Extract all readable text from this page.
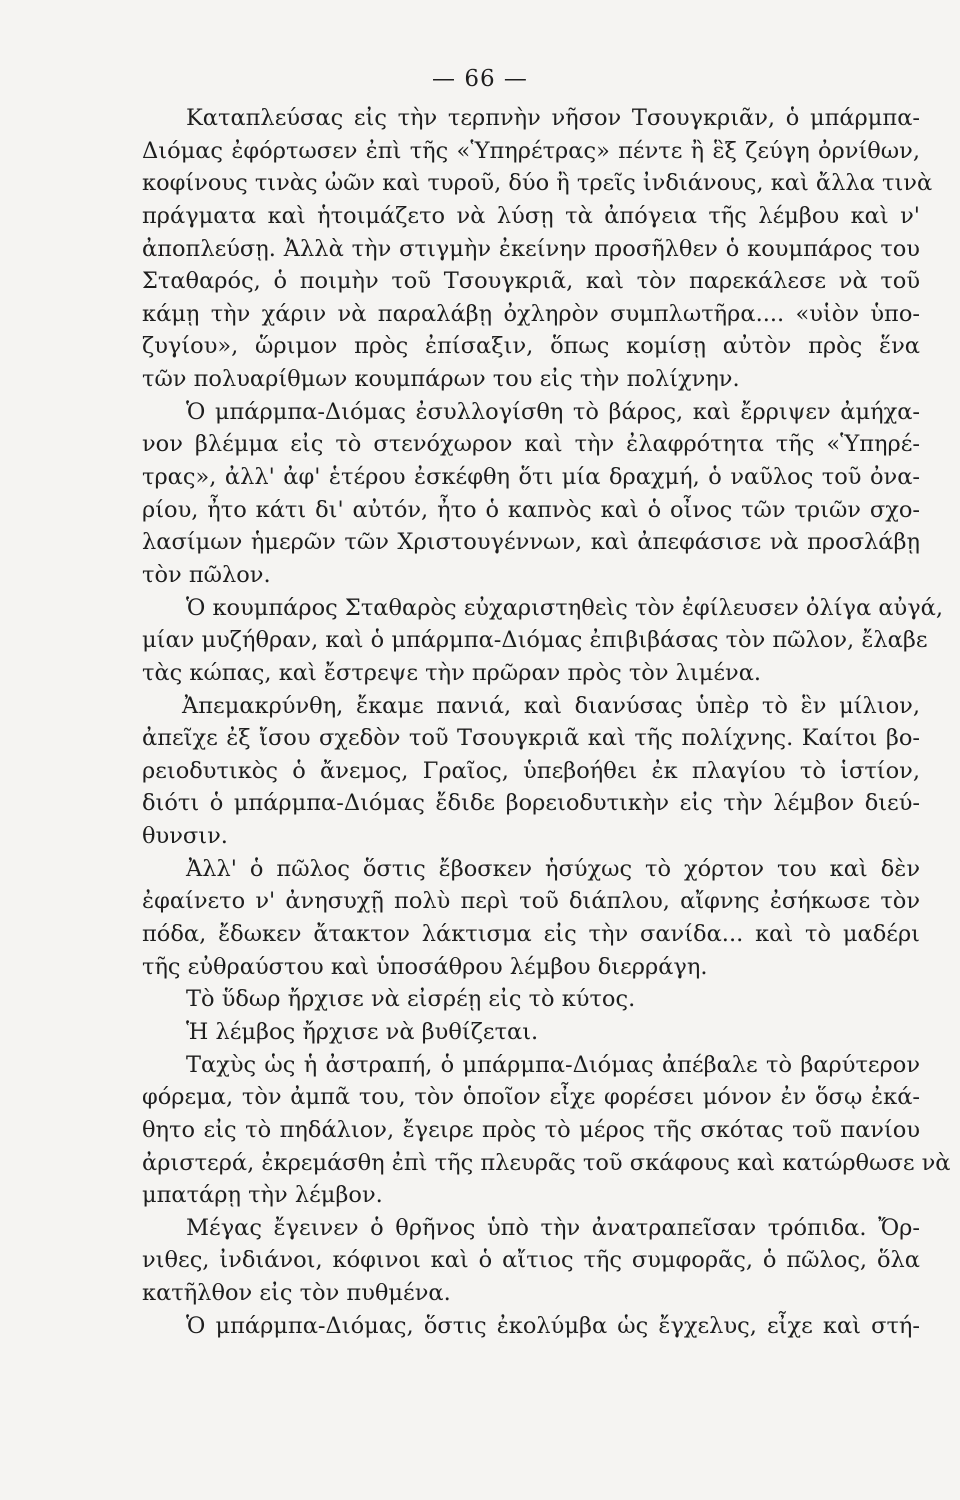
— 66 —
Καταπλεύσας εἰς τὴν τερπνὴν νῆσον Τσουγκριᾶν, ὁ μπάρμπα-
Διόμας ἐφόρτωσεν ἐπὶ τῆς «Ὑπηρέτρας» πέντε ἢ ἓξ ζεύγη ὀρνίθων,
κοφίνους τινὰς ὠῶν καὶ τυροῦ, δύο ἢ τρεῖς ἰνδιάνους, καὶ ἄλλα τινὰ
πράγματα καὶ ἡτοιμάζετο νὰ λύσῃ τὰ ἀπόγεια τῆς λέμβου καὶ ν'
ἀποπλεύσῃ. Ἀλλὰ τὴν στιγμὴν ἐκείνην προσῆλθεν ὁ κουμπάρος του
Σταθαρός, ὁ ποιμὴν τοῦ Τσουγκριᾶ, καὶ τὸν παρεκάλεσε νὰ τοῦ
κάμῃ τὴν χάριν νὰ παραλάβῃ ὀχληρὸν συμπλωτῆρα.... «υἱὸν ὑπο-
ζυγίου», ὥριμον πρὸς ἐπίσαξιν, ὅπως κομίσῃ αὐτὸν πρὸς ἕνα
τῶν πολυαρίθμων κουμπάρων του εἰς τὴν πολίχνην.
Ὁ μπάρμπα-Διόμας ἐσυλλογίσθη τὸ βάρος, καὶ ἔρριψεν ἀμήχα-
νον βλέμμα εἰς τὸ στενόχωρον καὶ τὴν ἐλαφρότητα τῆς «Ὑπηρέ-
τρας», ἀλλ' ἀφ' ἑτέρου ἐσκέφθη ὅτι μία δραχμή, ὁ ναῦλος τοῦ ὀνα-
ρίου, ἦτο κάτι δι' αὐτόν, ἦτο ὁ καπνὸς καὶ ὁ οἶνος τῶν τριῶν σχο-
λασίμων ἡμερῶν τῶν Χριστουγέννων, καὶ ἀπεφάσισε νὰ προσλάβῃ
τὸν πῶλον.
Ὁ κουμπάρος Σταθαρὸς εὐχαριστηθεὶς τὸν ἐφίλευσεν ὀλίγα αὐγά,
μίαν μυζήθραν, καὶ ὁ μπάρμπα-Διόμας ἐπιβιβάσας τὸν πῶλον, ἔλαβε
τὰς κώπας, καὶ ἔστρεψε τὴν πρῶραν πρὸς τὸν λιμένα.
Ἀπεμακρύνθη, ἔκαμε πανιά, καὶ διανύσας ὑπὲρ τὸ ἓν μίλιον,
ἀπεῖχε ἐξ ἴσου σχεδὸν τοῦ Τσουγκριᾶ καὶ τῆς πολίχνης. Καίτοι βο-
ρειοδυτικὸς ὁ ἄνεμος, Γραῖος, ὑπεβοήθει ἐκ πλαγίου τὸ ἱστίον,
διότι ὁ μπάρμπα-Διόμας ἔδιδε βορειοδυτικὴν εἰς τὴν λέμβον διεύ-
θυνσιν.
Ἀλλ' ὁ πῶλος ὅστις ἔβοσκεν ἡσύχως τὸ χόρτον του καὶ δὲν
ἐφαίνετο ν' ἀνησυχῇ πολὺ περὶ τοῦ διάπλου, αἴφνης ἐσήκωσε τὸν
πόδα, ἔδωκεν ἄτακτον λάκτισμα εἰς τὴν σανίδα... καὶ τὸ μαδέρι
τῆς εὐθραύστου καὶ ὑποσάθρου λέμβου διερράγη.
Τὸ ὕδωρ ἤρχισε νὰ εἰσρέῃ εἰς τὸ κύτος.
Ἡ λέμβος ἤρχισε νὰ βυθίζεται.
Ταχὺς ὡς ἡ ἀστραπή, ὁ μπάρμπα-Διόμας ἀπέβαλε τὸ βαρύτερον
φόρεμα, τὸν ἀμπᾶ του, τὸν ὁποῖον εἶχε φορέσει μόνον ἐν ὅσῳ ἐκά-
θητο εἰς τὸ πηδάλιον, ἔγειρε πρὸς τὸ μέρος τῆς σκότας τοῦ πανίου
ἀριστερά, ἐκρεμάσθη ἐπὶ τῆς πλευρᾶς τοῦ σκάφους καὶ κατώρθωσε νὰ
μπατάρῃ τὴν λέμβον.
Μέγας ἔγεινεν ὁ θρῆνος ὑπὸ τὴν ἀνατραπεῖσαν τρόπιδα. Ὄρ-
νιθες, ἰνδιάνοι, κόφινοι καὶ ὁ αἴτιος τῆς συμφορᾶς, ὁ πῶλος, ὅλα
κατῆλθον εἰς τὸν πυθμένα.
Ὁ μπάρμπα-Διόμας, ὅστις ἐκολύμβα ὡς ἔγχελυς, εἶχε καὶ στή-
